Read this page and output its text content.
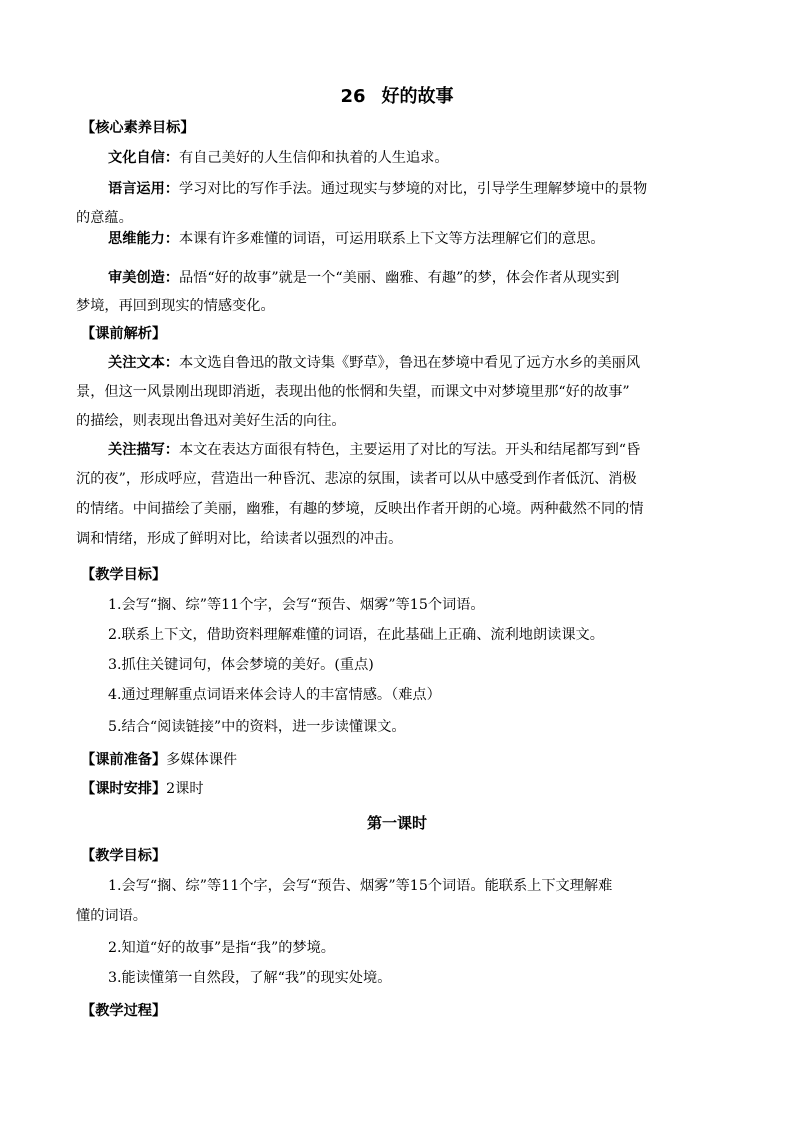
26 好的故事
【核心素养目标】
文化自信：有自己美好的人生信仰和执着的人生追求。
语言运用：学习对比的写作手法。通过现实与梦境的对比，引导学生理解梦境中的景物
的意蕴。
思维能力：本课有许多难懂的词语，可运用联系上下文等方法理解它们的意思。
审美创造：品悟“好的故事”就是一个“美丽、幽雅、有趣”的梦，体会作者从现实到
梦境，再回到现实的情感变化。
【课前解析】
关注文本：本文选自鲁迅的散文诗集《野草》，鲁迅在梦境中看见了远方水乡的美丽风
景，但这一风景刚出现即消逝，表现出他的怅惘和失望，而课文中对梦境里那“好的故事”
的描绘，则表现出鲁迅对美好生活的向往。
关注描写：本文在表达方面很有特色，主要运用了对比的写法。开头和结尾都写到“昏
沉的夜”，形成呼应，营造出一种昏沉、悲凉的氛围，读者可以从中感受到作者低沉、消极
的情绪。中间描绘了美丽，幽雅，有趣的梦境，反映出作者开朗的心境。两种截然不同的情
调和情绪，形成了鲜明对比，给读者以强烈的冲击。
【教学目标】
1.会写“搁、综”等11个字，会写“预告、烟雾”等15个词语。
2.联系上下文，借助资料理解难懂的词语，在此基础上正确、流利地朗读课文。
3.抓住关键词句，体会梦境的美好。(重点)
4.通过理解重点词语来体会诗人的丰富情感。（难点）
5.结合“阅读链接”中的资料，进一步读懂课文。
【课前准备】多媒体课件
【课时安排】2课时
第一课时
【教学目标】
1.会写“搁、综”等11个字，会写“预告、烟雾”等15个词语。能联系上下文理解难
懂的词语。
2.知道“好的故事”是指“我”的梦境。
3.能读懂第一自然段，了解“我”的现实处境。
【教学过程】
